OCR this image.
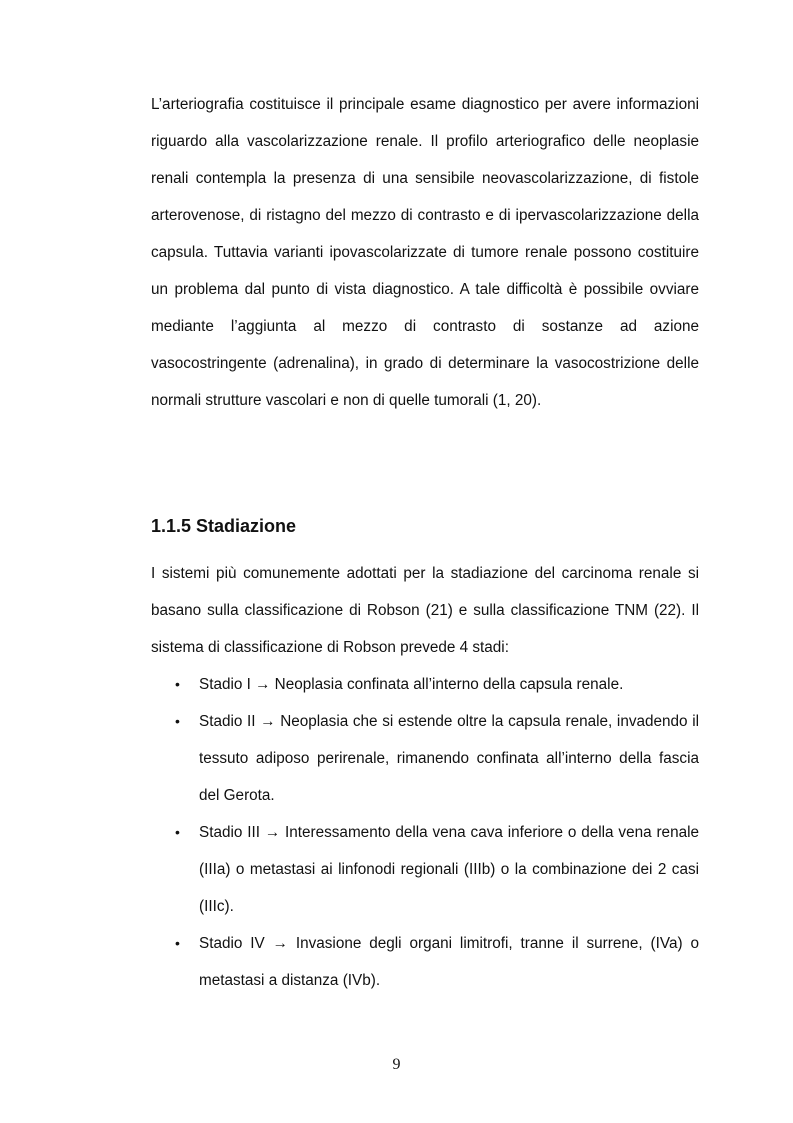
L’arteriografia costituisce il principale esame diagnostico per avere informazioni riguardo alla vascolarizzazione renale. Il profilo arteriografico delle neoplasie renali contempla la presenza di una sensibile neovascolarizzazione, di fistole arterovenose, di ristagno del mezzo di contrasto e di ipervascolarizzazione della capsula. Tuttavia varianti ipovascolarizzate di tumore renale possono costituire un problema dal punto di vista diagnostico. A tale difficoltà è possibile ovviare mediante l’aggiunta al mezzo di contrasto di sostanze ad azione vasocostringente (adrenalina), in grado di determinare la vasocostrizione delle normali strutture vascolari e non di quelle tumorali (1, 20).

1.1.5 Stadiazione

I sistemi più comunemente adottati per la stadiazione del carcinoma renale si basano sulla classificazione di Robson (21) e sulla classificazione TNM (22). Il sistema di classificazione di Robson prevede 4 stadi:

• Stadio I → Neoplasia confinata all’interno della capsula renale.
• Stadio II → Neoplasia che si estende oltre la capsula renale, invadendo il tessuto adiposo perirenale, rimanendo confinata all’interno della fascia del Gerota.
• Stadio III → Interessamento della vena cava inferiore o della vena renale (IIIa) o metastasi ai linfonodi regionali (IIIb) o la combinazione dei 2 casi (IIIc).
• Stadio IV → Invasione degli organi limitrofi, tranne il surrene, (IVa) o metastasi a distanza (IVb).
9
